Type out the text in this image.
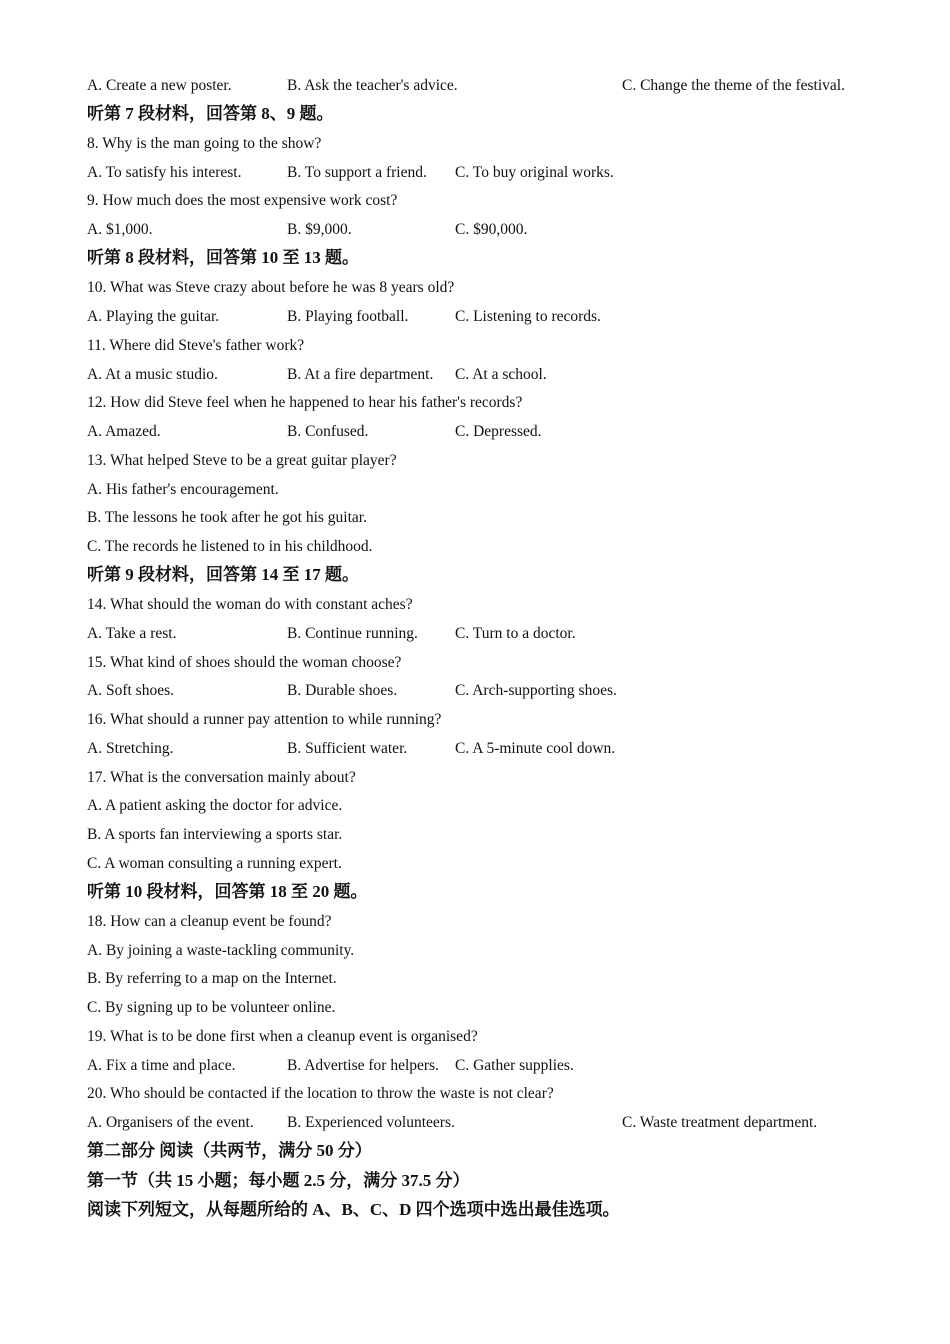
A. Create a new poster.	B. Ask the teacher's advice.	C. Change the theme of the festival.
听第 7 段材料，回答第 8、9 题。
8. Why is the man going to the show?
A. To satisfy his interest.	B. To support a friend. C. To buy original works.
9. How much does the most expensive work cost?
A. $1,000.	B. $9,000.	C. $90,000.
听第 8 段材料，回答第 10 至 13 题。
10. What was Steve crazy about before he was 8 years old?
A. Playing the guitar.	B. Playing football.	C. Listening to records.
11. Where did Steve's father work?
A. At a music studio.	B. At a fire department. C. At a school.
12. How did Steve feel when he happened to hear his father's records?
A. Amazed.	B. Confused.	C. Depressed.
13. What helped Steve to be a great guitar player?
A. His father's encouragement.
B. The lessons he took after he got his guitar.
C. The records he listened to in his childhood.
听第 9 段材料，回答第 14 至 17 题。
14. What should the woman do with constant aches?
A. Take a rest.	B. Continue running. C. Turn to a doctor.
15. What kind of shoes should the woman choose?
A. Soft shoes.	B. Durable shoes.	C. Arch-supporting shoes.
16. What should a runner pay attention to while running?
A. Stretching.	B. Sufficient water.	C. A 5-minute cool down.
17. What is the conversation mainly about?
A. A patient asking the doctor for advice.
B. A sports fan interviewing a sports star.
C. A woman consulting a running expert.
听第 10 段材料，回答第 18 至 20 题。
18. How can a cleanup event be found?
A. By joining a waste-tackling community.
B. By referring to a map on the Internet.
C. By signing up to be volunteer online.
19. What is to be done first when a cleanup event is organised?
A. Fix a time and place.	B. Advertise for helpers. C. Gather supplies.
20. Who should be contacted if the location to throw the waste is not clear?
A. Organisers of the event. B. Experienced volunteers.	C. Waste treatment department.
第二部分 阅读（共两节，满分 50 分）
第一节（共 15 小题；每小题 2.5 分，满分 37.5 分）
阅读下列短文，从每题所给的 A、B、C、D 四个选项中选出最佳选项。
